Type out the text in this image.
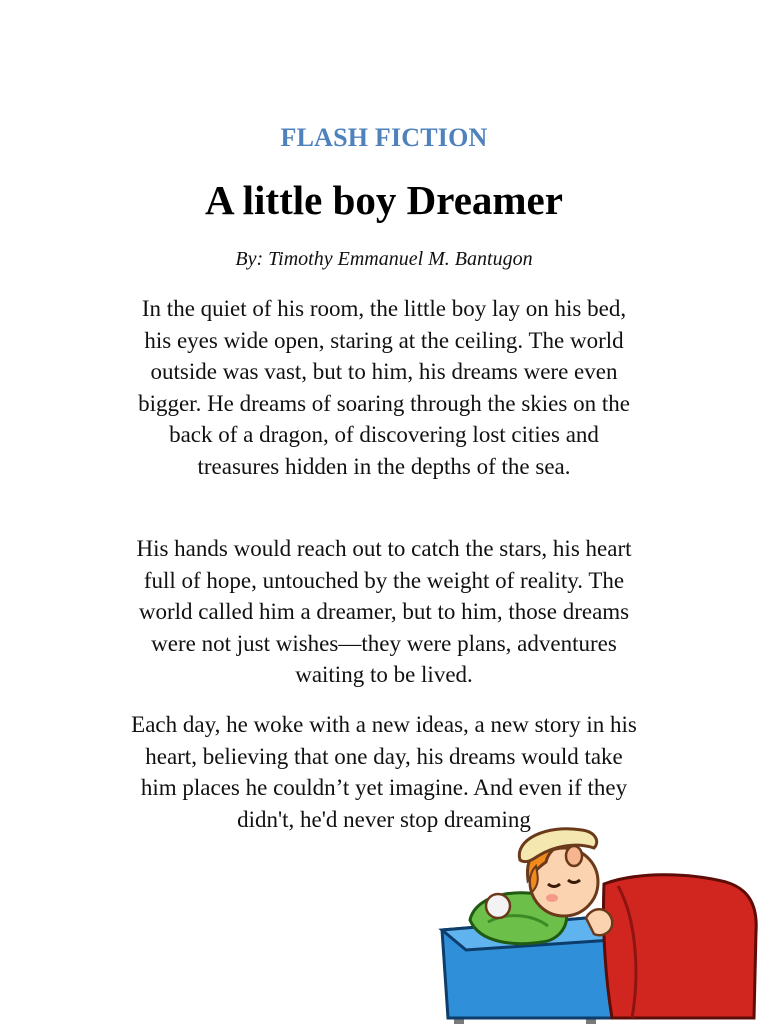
FLASH FICTION
A little boy Dreamer
By: Timothy Emmanuel M. Bantugon

In the quiet of his room, the little boy lay on his bed, his eyes wide open, staring at the ceiling. The world outside was vast, but to him, his dreams were even bigger. He dreams of soaring through the skies on the back of a dragon, of discovering lost cities and treasures hidden in the depths of the sea.

His hands would reach out to catch the stars, his heart full of hope, untouched by the weight of reality. The world called him a dreamer, but to him, those dreams were not just wishes—they were plans, adventures waiting to be lived.

Each day, he woke with a new ideas, a new story in his heart, believing that one day, his dreams would take him places he couldn’t yet imagine. And even if they didn't, he'd never stop dreaming
